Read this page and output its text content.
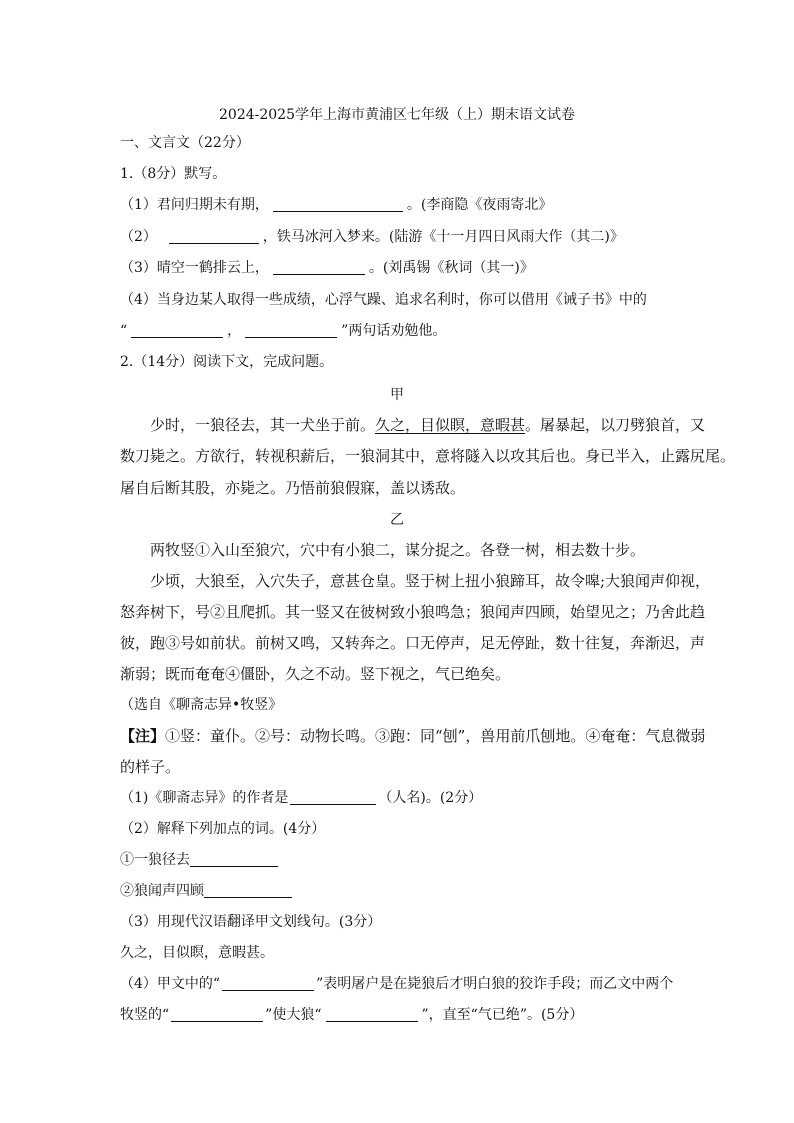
2024-2025学年上海市黄浦区七年级（上）期末语文试卷
一、文言文（22分）
1.（8分）默写。
（1）君问归期未有期，	。(李商隐《夜雨寄北》
（2）	，铁马冰河入梦来。(陆游《十一月四日风雨大作（其二)》
（3）晴空一鹤排云上，	。(刘禹锡《秋词（其一)》
（4）当身边某人取得一些成绩，心浮气躁、追求名利时，你可以借用《诫子书》中的
“	，	”两句话劝勉他。
2.（14分）阅读下文，完成问题。
甲
少时，一狼径去，其一犬坐于前。久之，目似瞑，意暇甚。屠暴起，以刀劈狼首，又
数刀毙之。方欲行，转视积薪后，一狼洞其中，意将隧入以攻其后也。身已半入，止露尻尾。
屠自后断其股，亦毙之。乃悟前狼假寐，盖以诱敌。
乙
两牧竖①入山至狼穴，穴中有小狼二，谋分捉之。各登一树，相去数十步。
少顷，大狼至，入穴失子，意甚仓皇。竖于树上扭小狼蹄耳，故令嗥;大狼闻声仰视，
怒奔树下，号②且爬抓。其一竖又在彼树致小狼鸣急；狼闻声四顾，始望见之；乃舍此趋
彼，跑③号如前状。前树又鸣，又转奔之。口无停声，足无停趾，数十往复，奔渐迟，声
渐弱；既而奄奄④僵卧，久之不动。竖下视之，气已绝矣。
（选自《聊斋志异•牧竖》
【注】①竖：童仆。②号：动物长鸣。③跑：同“刨”，兽用前爪刨地。④奄奄：气息微弱
的样子。
（1)《聊斋志异》的作者是	（人名)。(2分）
（2）解释下列加点的词。(4分）
①一狼径去
②狼闻声四顾
（3）用现代汉语翻译甲文划线句。(3分）
久之，目似瞑，意暇甚。
（4）甲文中的“	”表明屠户是在毙狼后才明白狼的狡诈手段；而乙文中两个
牧竖的“	”使大狼“	”，直至“气已绝”。(5分）
